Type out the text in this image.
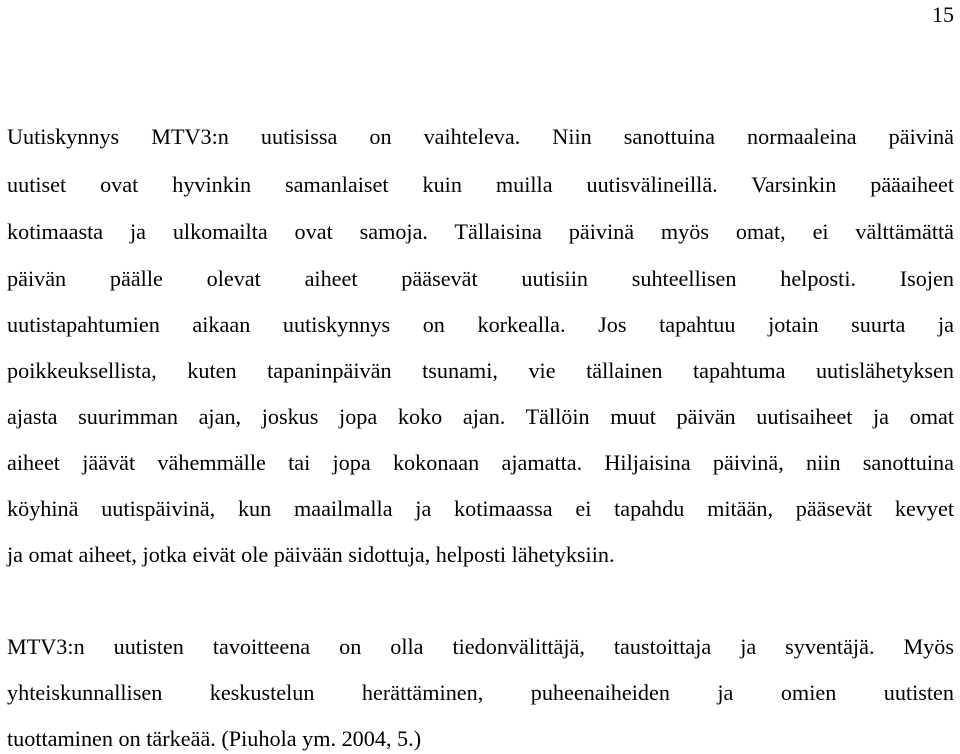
15
Uutiskynnys MTV3:n uutisissa on vaihteleva. Niin sanottuina normaaleina päivinä
uutiset ovat hyvinkin samanlaiset kuin muilla uutisvälineillä. Varsinkin pääaiheet
kotimaasta ja ulkomailta ovat samoja. Tällaisina päivinä myös omat, ei välttämättä
päivän päälle olevat aiheet pääsevät uutisiin suhteellisen helposti. Isojen
uutistapahtumien aikaan uutiskynnys on korkealla. Jos tapahtuu jotain suurta ja
poikkeuksellista, kuten tapaninpäivän tsunami, vie tällainen tapahtuma uutislähetyksen
ajasta suurimman ajan, joskus jopa koko ajan. Tällöin muut päivän uutisaiheet ja omat
aiheet jäävät vähemmälle tai jopa kokonaan ajamatta. Hiljaisina päivinä, niin sanottuina
köyhinä uutispäivinä, kun maailmalla ja kotimaassa ei tapahdu mitään, pääsevät kevyet
ja omat aiheet, jotka eivät ole päivään sidottuja, helposti lähetyksiin.
MTV3:n uutisten tavoitteena on olla tiedonvälittäjä, taustoittaja ja syventäjä. Myös
yhteiskunnallisen keskustelun herättäminen, puheenaiheiden ja omien uutisten
tuottaminen on tärkeää. (Piuhola ym. 2004, 5.)
